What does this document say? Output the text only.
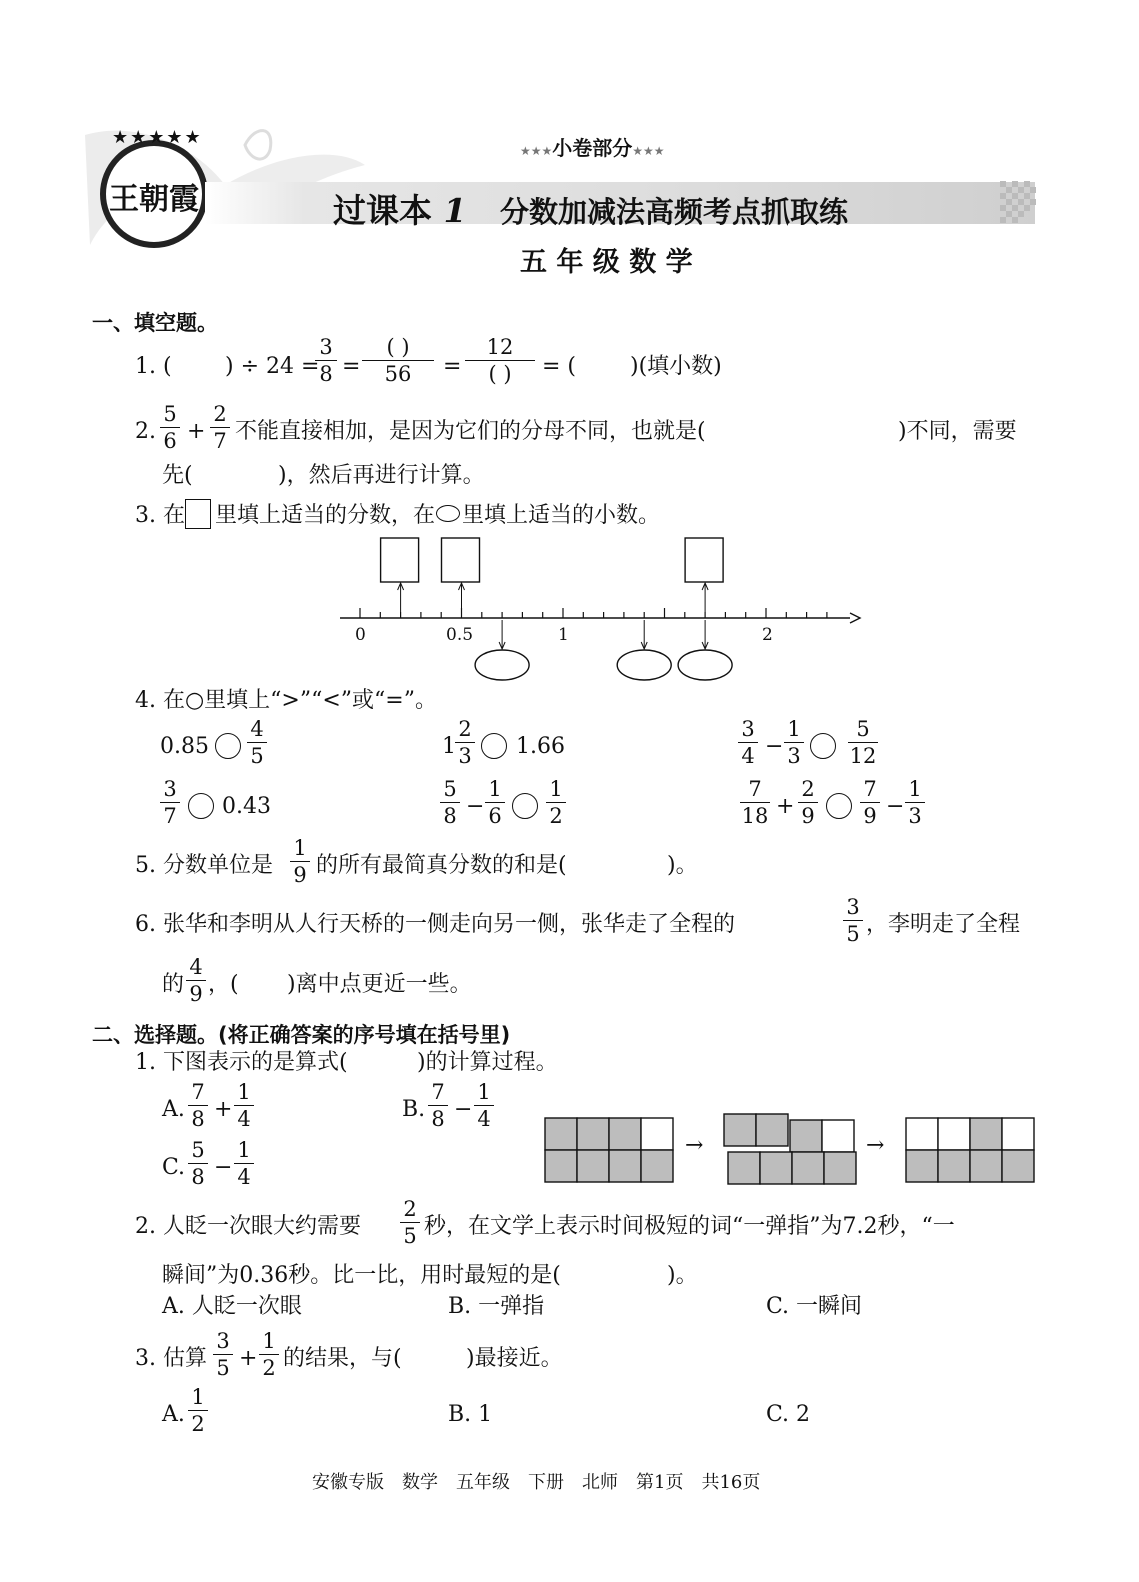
王朝霞
★★★★★
★★★小卷部分★★★
过课本 1 分数加减法高频考点抓取练
五 年 级 数 学
一、填空题。
1. ( ) ÷ 24 =
$\frac{3}{8}$ =
( )
56	=
12
( )	= ( )(填小数)
2. $\frac{5}{6} + \frac{2}{7}$ 不能直接相加，是因为它们的分母不同，也就是(	)不同，需要
先(	)，然后再进行计算。
3. 在 里填上适当的分数，在 里填上适当的小数。
0	0.5	1	2
4. 在○里填上“>”“<”或“=”。
$0.85 \frac{4}{5}$	$1 \frac{2}{3} 1.66$	$\frac{3}{4} - \frac{1}{3} \frac{5}{12}$
$\frac{3}{7} 0.43$	$\frac{5}{8} - \frac{1}{6} \frac{1}{2}$	$\frac{7}{18} + \frac{2}{9} \frac{7}{9} - \frac{1}{3}$
5. 分数单位是 $\frac{1}{9}$ 的所有最简真分数的和是(	)。
6. 张华和李明从人行天桥的一侧走向另一侧，张华走了全程的	$\frac{3}{5}$ ，李明走了全程
的 $\frac{4}{9}$ ，( )离中点更近一些。
二、选择题。(将正确答案的序号填在括号里)
1. 下图表示的是算式(	)的计算过程。
A. $\frac{7}{8} + \frac{1}{4}$	B. $\frac{7}{8} - \frac{1}{4}$
C. $\frac{5}{8} - \frac{1}{4}$	→	→
2. 人眨一次眼大约需要 $\frac{2}{5}$ 秒，在文学上表示时间极短的词“一弹指”为7.2秒，“一
瞬间”为0.36秒。比一比，用时最短的是(	)。
A. 人眨一次眼	B. 一弹指	C. 一瞬间
3. 估算 $\frac{3}{5} + \frac{1}{2}$ 的结果，与(	)最接近。
A. $\frac{1}{2}$	B. 1	C. 2
安徽专版　数学　五年级　下册　北师　第1页　共16页
